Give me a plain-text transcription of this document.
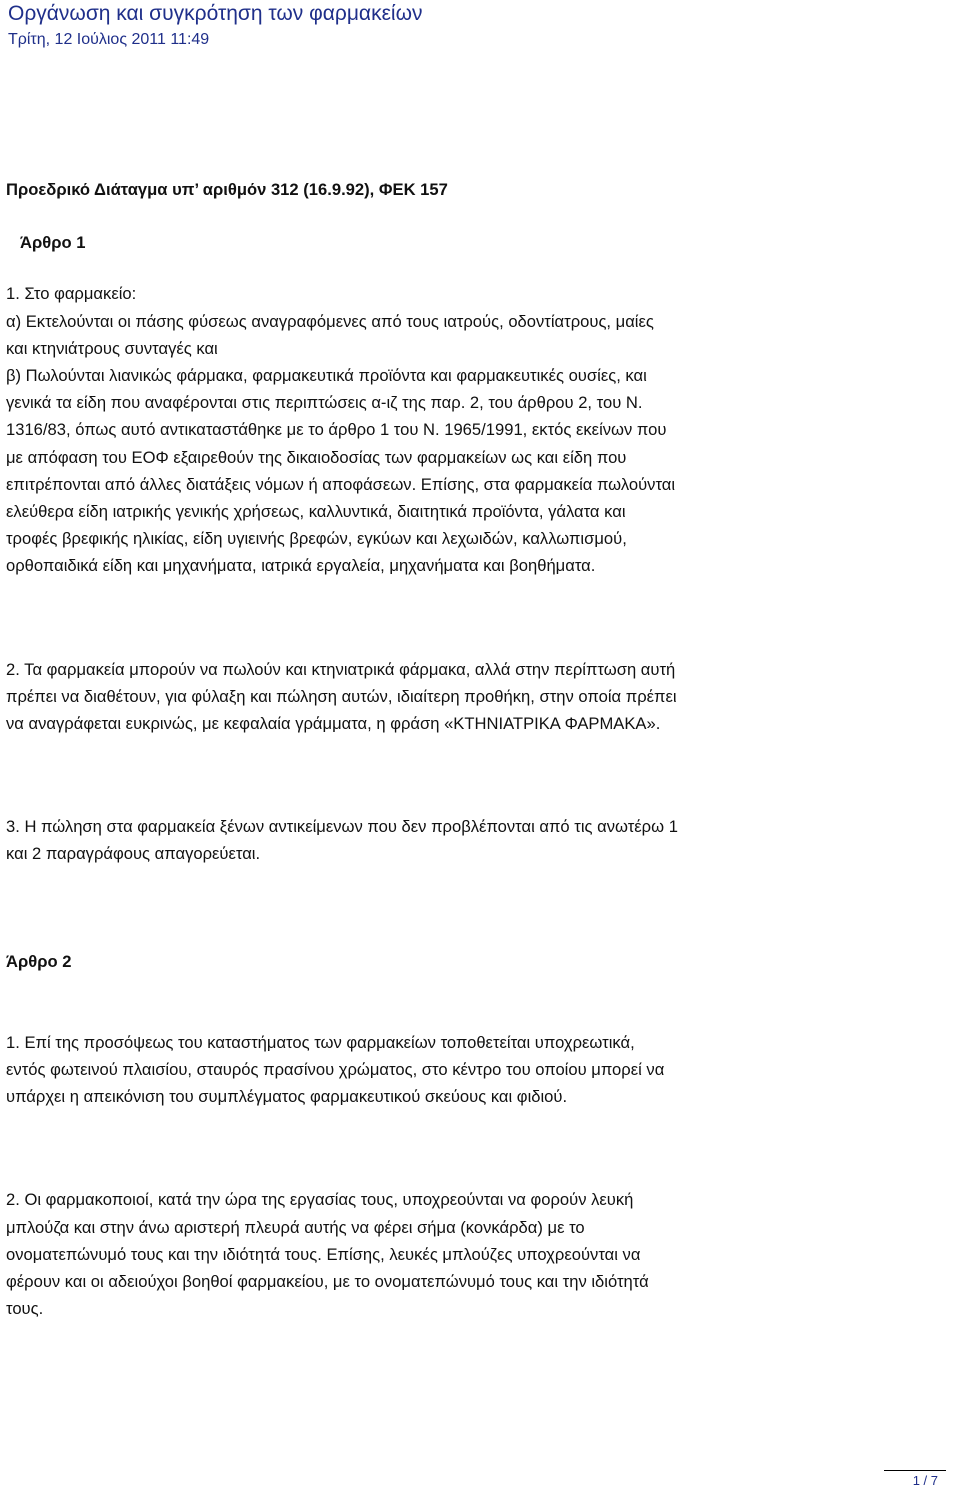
Οργάνωση και συγκρότηση των φαρμακείων
Τρίτη, 12 Ιούλιος 2011 11:49

Προεδρικό Διάταγμα υπ’ αριθμόν 312 (16.9.92), ΦΕΚ 157

Άρθρο 1

1. Στο φαρμακείο:
α) Εκτελούνται οι πάσης φύσεως αναγραφόμενες από τους ιατρούς, οδοντίατρους, μαίες
και κτηνιάτρους συνταγές και
β) Πωλούνται λιανικώς φάρμακα, φαρμακευτικά προϊόντα και φαρμακευτικές ουσίες, και
γενικά τα είδη που αναφέρονται στις περιπτώσεις α-ιζ της παρ. 2, του άρθρου 2, του Ν.
1316/83, όπως αυτό αντικαταστάθηκε με το άρθρο 1 του Ν. 1965/1991, εκτός εκείνων που
με απόφαση του ΕΟΦ εξαιρεθούν της δικαιοδοσίας των φαρμακείων ως και είδη που
επιτρέπονται από άλλες διατάξεις νόμων ή αποφάσεων. Επίσης, στα φαρμακεία πωλούνται
ελεύθερα είδη ιατρικής γενικής χρήσεως, καλλυντικά, διαιτητικά προϊόντα, γάλατα και
τροφές βρεφικής ηλικίας, είδη υγιεινής βρεφών, εγκύων και λεχωιδών, καλλωπισμού,
ορθοπαιδικά είδη και μηχανήματα, ιατρικά εργαλεία, μηχανήματα και βοηθήματα.
2. Τα φαρμακεία μπορούν να πωλούν και κτηνιατρικά φάρμακα, αλλά στην περίπτωση αυτή
πρέπει να διαθέτουν, για φύλαξη και πώληση αυτών, ιδιαίτερη προθήκη, στην οποία πρέπει
να αναγράφεται ευκρινώς, με κεφαλαία γράμματα, η φράση «ΚΤΗΝΙΑΤΡΙΚΑ ΦΑΡΜΑΚΑ».
3. Η πώληση στα φαρμακεία ξένων αντικείμενων που δεν προβλέπονται από τις ανωτέρω 1
και 2 παραγράφους απαγορεύεται.

Άρθρο 2

1. Επί της προσόψεως του καταστήματος των φαρμακείων τοποθετείται υποχρεωτικά,
εντός φωτεινού πλαισίου, σταυρός πρασίνου χρώματος, στο κέντρο του οποίου μπορεί να
υπάρχει η απεικόνιση του συμπλέγματος φαρμακευτικού σκεύους και φιδιού.
2. Οι φαρμακοποιοί, κατά την ώρα της εργασίας τους, υποχρεούνται να φορούν λευκή
μπλούζα και στην άνω αριστερή πλευρά αυτής να φέρει σήμα (κονκάρδα) με το
ονοματεπώνυμό τους και την ιδιότητά τους. Επίσης, λευκές μπλούζες υποχρεούνται να
φέρουν και οι αδειούχοι βοηθοί φαρμακείου, με το ονοματεπώνυμό τους και την ιδιότητά
τους.
1 / 7
